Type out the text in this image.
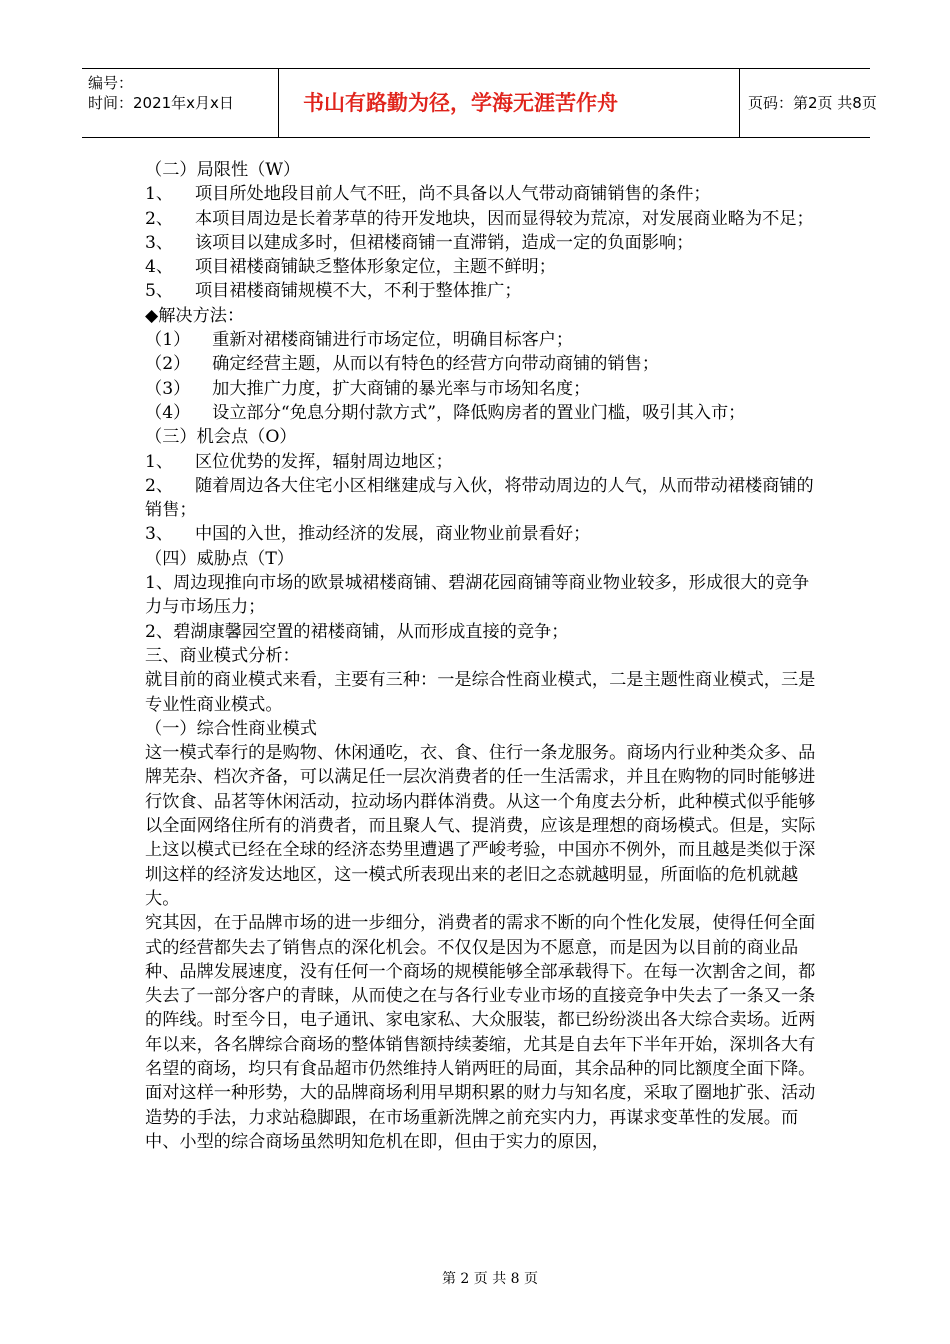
编号：
时间：2021年x月x日	书山有路勤为径，学海无涯苦作舟	页码：第2页 共8页

（二）局限性（W）

1、    项目所处地段目前人气不旺，尚不具备以人气带动商铺销售的条件；

2、    本项目周边是长着茅草的待开发地块，因而显得较为荒凉，对发展商业略为不足；

3、    该项目以建成多时，但裙楼商铺一直滞销，造成一定的负面影响；

4、    项目裙楼商铺缺乏整体形象定位，主题不鲜明；

5、    项目裙楼商铺规模不大，不利于整体推广；

◆解决方法：

（1）    重新对裙楼商铺进行市场定位，明确目标客户；

（2）    确定经营主题，从而以有特色的经营方向带动商铺的销售；

（3）    加大推广力度，扩大商铺的暴光率与市场知名度；

（4）    设立部分“免息分期付款方式”，降低购房者的置业门槛，吸引其入市；

（三）机会点（O）

1、    区位优势的发挥，辐射周边地区；

2、    随着周边各大住宅小区相继建成与入伙，将带动周边的人气，从而带动裙楼商铺的销售；

3、    中国的入世，推动经济的发展，商业物业前景看好；

（四）威胁点（T）

1、周边现推向市场的欧景城裙楼商铺、碧湖花园商铺等商业物业较多，形成很大的竞争力与市场压力；

2、碧湖康馨园空置的裙楼商铺，从而形成直接的竞争；

三、商业模式分析：

就目前的商业模式来看，主要有三种：一是综合性商业模式，二是主题性商业模式，三是专业性商业模式。

（一）综合性商业模式

这一模式奉行的是购物、休闲通吃，衣、食、住行一条龙服务。商场内行业种类众多、品牌芜杂、档次齐备，可以满足任一层次消费者的任一生活需求，并且在购物的同时能够进行饮食、品茗等休闲活动，拉动场内群体消费。从这一个角度去分析，此种模式似乎能够以全面网络住所有的消费者，而且聚人气、提消费，应该是理想的商场模式。但是，实际上这以模式已经在全球的经济态势里遭遇了严峻考验，中国亦不例外，而且越是类似于深圳这样的经济发达地区，这一模式所表现出来的老旧之态就越明显，所面临的危机就越大。

究其因，在于品牌市场的进一步细分，消费者的需求不断的向个性化发展，使得任何全面式的经营都失去了销售点的深化机会。不仅仅是因为不愿意，而是因为以目前的商业品种、品牌发展速度，没有任何一个商场的规模能够全部承载得下。在每一次割舍之间，都失去了一部分客户的青睐，从而使之在与各行业专业市场的直接竞争中失去了一条又一条的阵线。时至今日，电子通讯、家电家私、大众服装，都已纷纷淡出各大综合卖场。近两年以来，各名牌综合商场的整体销售额持续萎缩，尤其是自去年下半年开始，深圳各大有名望的商场，均只有食品超市仍然维持人销两旺的局面，其余品种的同比额度全面下降。面对这样一种形势，大的品牌商场利用早期积累的财力与知名度，采取了圈地扩张、活动造势的手法，力求站稳脚跟，在市场重新洗牌之前充实内力，再谋求变革性的发展。而中、小型的综合商场虽然明知危机在即，但由于实力的原因，

第 2 页 共 8 页
